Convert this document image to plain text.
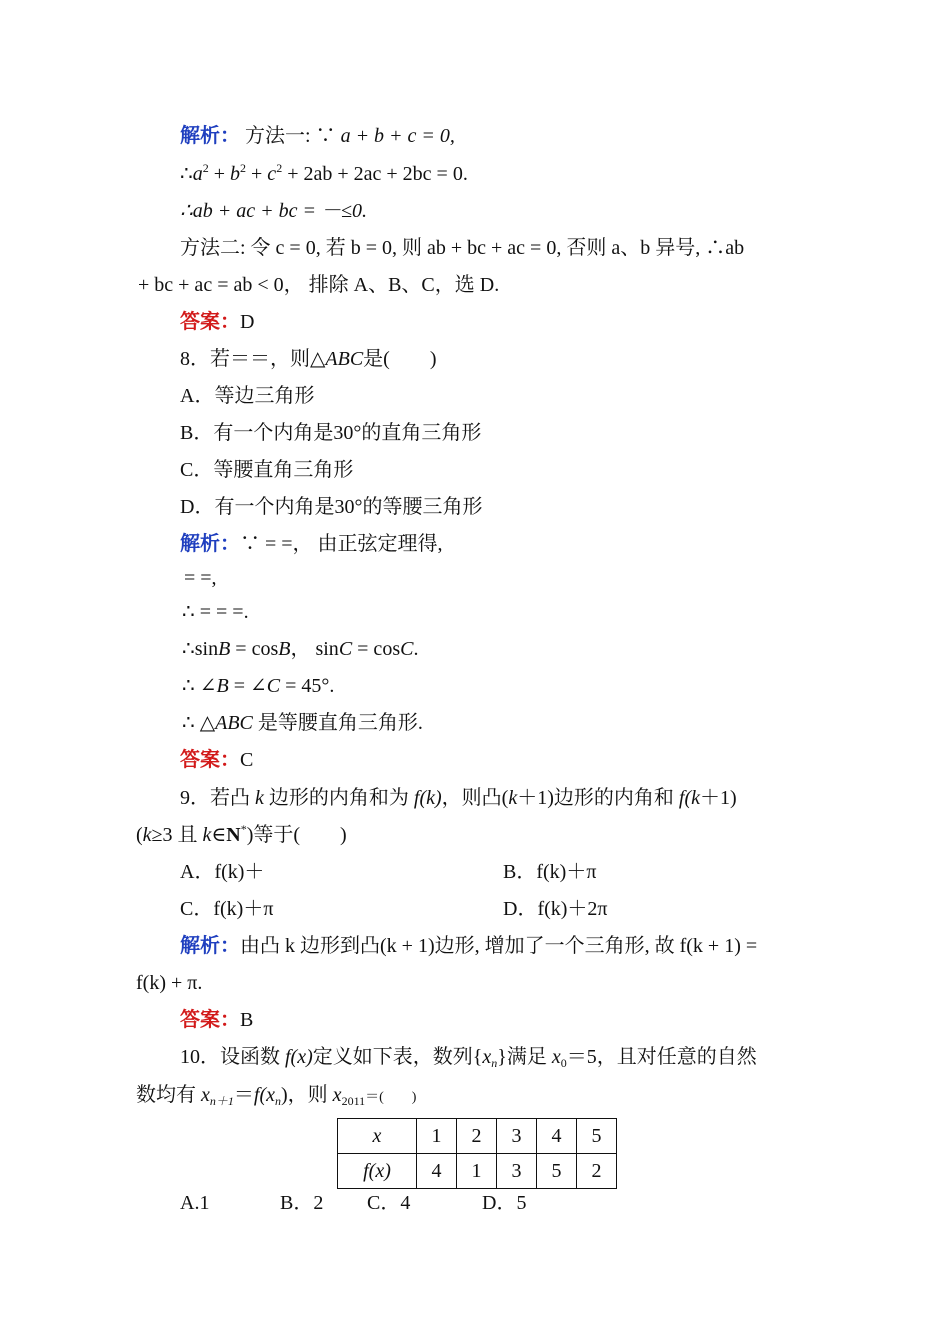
解析： 方法一: ∵ a + b + c = 0,
$\therefore a^2 + b^2 + c^2 + 2ab + 2ac + 2bc = 0$.
∴ab + ac + bc = －≤0.
方法二: 令 c = 0, 若 b = 0, 则 ab + bc + ac = 0, 否则 a、b 异号, ∴ab
+ bc + ac = ab < 0， 排除 A、B、C，选 D.
答案：D
8．若＝＝，则△ABC是(　　)
A．等边三角形
B．有一个内角是30°的直角三角形
C．等腰直角三角形
D．有一个内角是30°的等腰三角形
解析：∵ = =， 由正弦定理得,
= =,
∴ = = =.
∴sinB = cosB， sinC = cosC.
∴ ∠B = ∠C = 45°.
∴ △ABC 是等腰直角三角形.
答案：C
9．若凸 k 边形的内角和为 f(k)，则凸(k＋1)边形的内角和 f(k＋1)
(k≥3 且 k∈N*)等于(　　)
A．f(k)＋	B．f(k)＋π
C．f(k)＋π	D．f(k)＋2π
解析：由凸 k 边形到凸(k + 1)边形, 增加了一个三角形, 故 f(k + 1) =
f(k) + π.
答案：B
10．设函数 f(x)定义如下表，数列$\{x_n\}$满足 $x_0=5$，且对任意的自然
数均有 $x_{n+1}=f(x_n)$，则 $x_{2011}=$(　　)
x	1	2	3	4	5
f(x)	4	1	3	5	2
A.1	B．2 C．4	D．5
